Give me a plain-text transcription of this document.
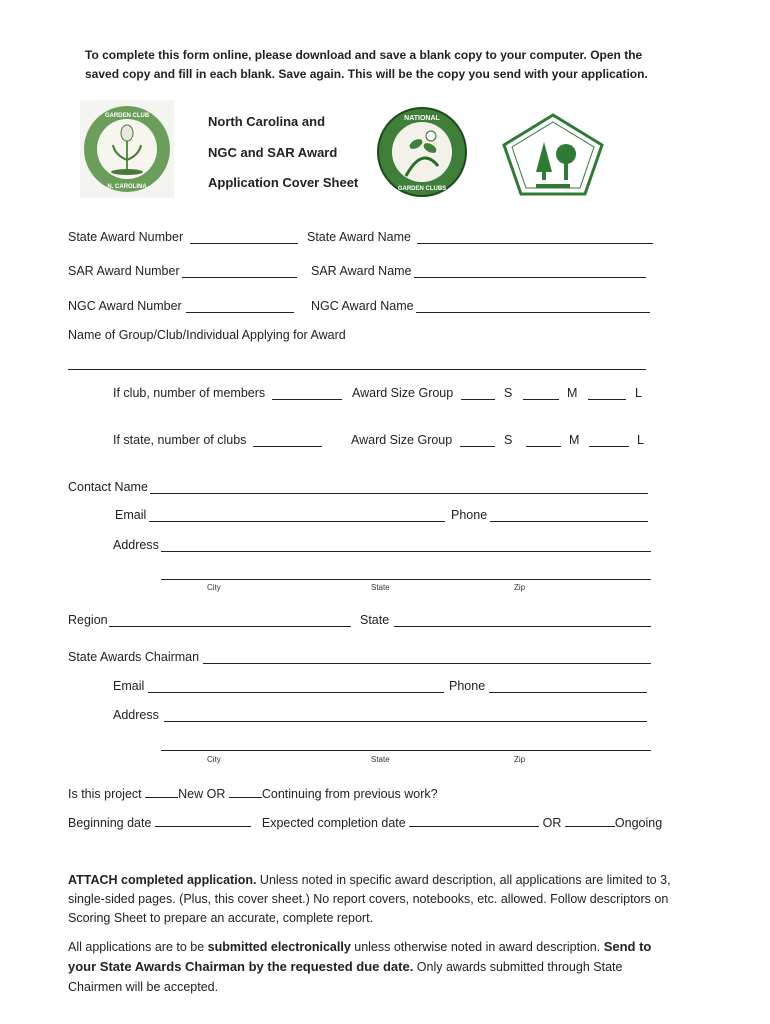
To complete this form online, please download and save a blank copy to your computer. Open the
saved copy and fill in each blank. Save again. This will be the copy you send with your application.
GARDEN CLUB
N. CAROLINA
North Carolina and
NGC and SAR Award
Application Cover Sheet
NATIONAL
GARDEN CLUBS
State Award Number	State Award Name
SAR Award Number	SAR Award Name
NGC Award Number	NGC Award Name
Name of Group/Club/Individual Applying for Award
If club, number of members	Award Size Group	S	M	L
If state, number of clubs	Award Size Group	S	M	L
Contact Name
Email	Phone
Address
City	State	Zip
Region	State
State Awards Chairman
Email	Phone
Address
City	State	Zip
Is this project	New OR	Continuing from previous work?
Beginning date	Expected completion date	OR	Ongoing
ATTACH completed application. Unless noted in specific award description, all applications are limited to 3, single-sided pages. (Plus, this cover sheet.) No report covers, notebooks, etc. allowed. Follow descriptors on Scoring Sheet to prepare an accurate, complete report.
All applications are to be submitted electronically unless otherwise noted in award description. Send to your State Awards Chairman by the requested due date. Only awards submitted through State Chairmen will be accepted.
